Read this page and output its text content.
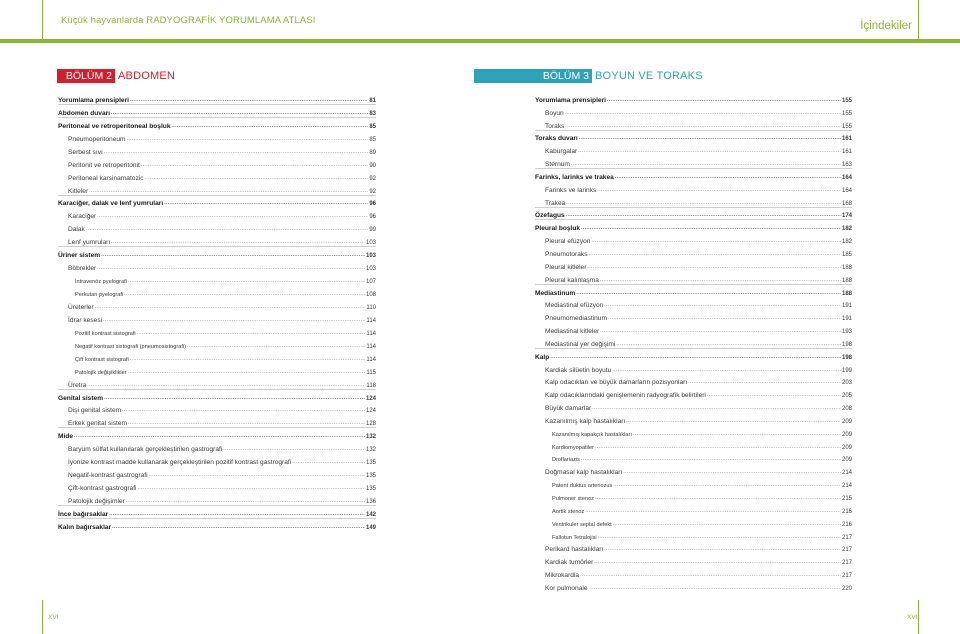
Küçük hayvanlarda RADYOGRAFİK YORUMLAMA ATLASI	İçindekiler
BÖLÜM 2 ABDOMEN	BÖLÜM 3 BOYUN VE TORAKS
Yorumlama prensipleri .....	81
Abdomen duvarı .....	83
Peritoneal ve retroperitoneal boşluk .....	85
Pneumoperitoneum .....	85
Serbest sıvı .....	89
Peritonit ve retroperitonit .....	90
Peritoneal karsinamatozic .....	92
Kitleler .....	92
Karaciğer, dalak ve lenf yumruları .....	96
Karaciğer .....	96
Dalak .....	99
Lenf yumruları .....	103
Üriner sistem .....	103
Böbrekler .....	103
İntravenöz pyelografi .....	107
Perkutan pyelografi .....	108
Üreterler .....	110
İdrar kesesi .....	114
Pozitif kontrast sistografi .....	114
Negatif kontrast sistografi (pneumosistografi) .....	114
Çift kontrast sistografi .....	114
Patolojik değişiklikler .....	115
Üretra .....	118
Genital sistem .....	124
Dişi genital sistem .....	124
Erkek genital sistem .....	128
Mide .....	132
Baryum sülfat kullanılarak gerçekleştirilen gastrografi .....	132
İyonize kontrast madde kullanarak gerçekleştirilen pozitif kontrast gastrografi .....	135
Negatif-kontrast gastrografi .....	135
Çift-kontrast gastrografi .....	135
Patolojik değişimler .....	136
İnce bağırsaklar .....	142
Kalın bağırsaklar .....	149
Yorumlama prensipleri .....	155
Boyun .....	155
Toraks .....	155
Toraks duvarı .....	161
Kaburgalar .....	161
Sternum .....	163
Farinks, larinks ve trakea .....	164
Farinks ve larinks .....	164
Trakea .....	168
Özefagus .....	174
Pleural boşluk .....	182
Pleural efüzyon .....	182
Pneumotoraks .....	185
Pleural kitleler .....	188
Pleural kalınlaşma .....	188
Mediastinum .....	188
Mediastinal efüzyon .....	191
Pneumomediastinum .....	191
Mediastinal kitleler .....	193
Mediastinal yer değişimi .....	198
Kalp .....	198
Kardiak silüetin boyutu .....	199
Kalp odacıkları ve büyük damarların pozisyonları .....	203
Kalp odacıklarındaki genişlemenin radyografik belirtileri .....	205
Büyük damarlar .....	208
Kazanılmış kalp hastalıkları .....	209
Kazanılmış kapakçık hastalıkları .....	209
Kardiomyopatiler .....	209
Droflariazis .....	209
Doğmasal kalp hastalıkları .....	214
Patent duktus arteriozus .....	214
Pulmoner stenoz .....	215
Aortik stenoz .....	216
Ventrikuler septal defekt .....	216
Fallotun Tetralojisi .....	217
Perikard hastalıkları .....	217
Kardiak tumörler .....	217
Mikrokardia .....	217
Kor pulmonale .....	220
XVI	XVII
